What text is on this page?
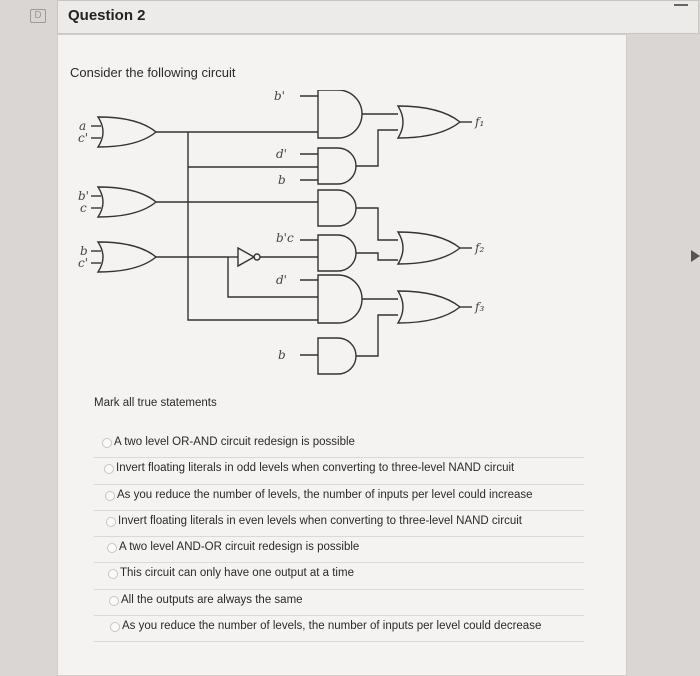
D Question 2
Consider the following circuit
a
c'
b'
c
b
c'
b'
d'
b
b'c
d'
b
f₁
f₂
f₃
Mark all true statements
A two level OR-AND circuit redesign is possible
Invert floating literals in odd levels when converting to three-level NAND circuit
As you reduce the number of levels, the number of inputs per level could increase
Invert floating literals in even levels when converting to three-level NAND circuit
A two level AND-OR circuit redesign is possible
This circuit can only have one output at a time
All the outputs are always the same
As you reduce the number of levels, the number of inputs per level could decrease
